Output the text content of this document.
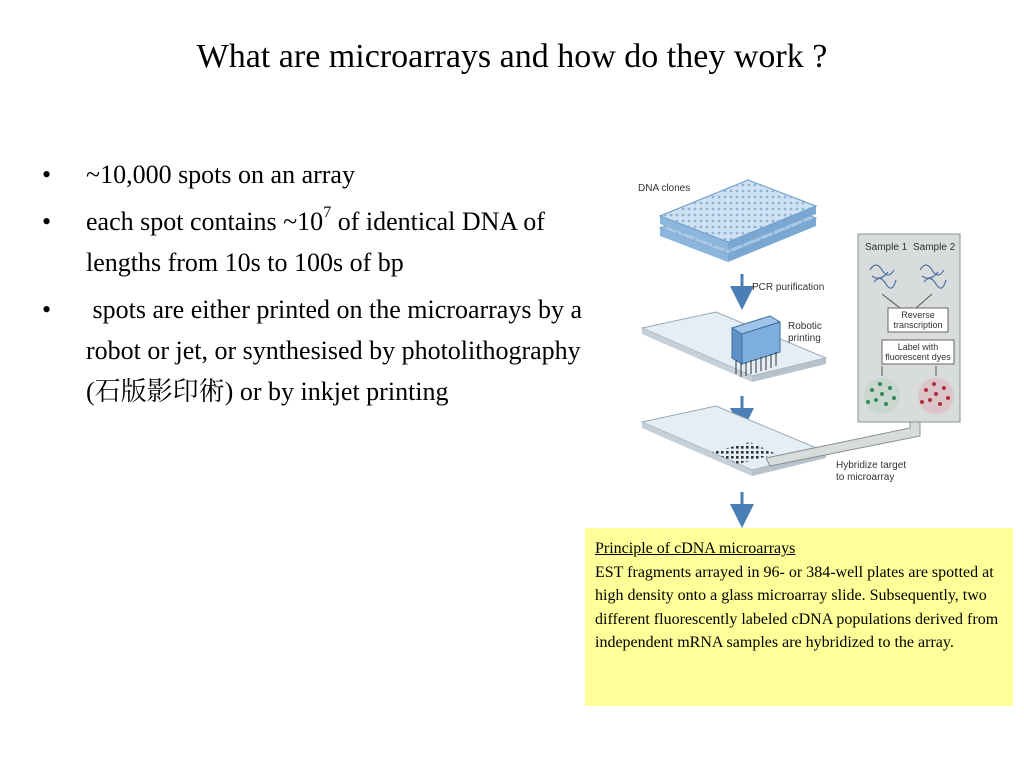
What are microarrays and how do they work ?
• ~10,000 spots on an array
• each spot contains $\sim 10^7$ of identical DNA of lengths from 10s to 100s of bp
• spots are either printed on the microarrays by a robot or jet, or synthesised by photolithography (石版影印術) or by inkjet printing
DNA clones
PCR purification
Robotic
printing
Sample 1 Sample 2
Reverse
transcription
Label with
fluorescent dyes
Hybridize target
to microarray
Principle of cDNA microarrays
EST fragments arrayed in 96- or 384-well plates are spotted at high density onto a glass microarray slide. Subsequently, two different fluorescently labeled cDNA populations derived from independent mRNA samples are hybridized to the array.
